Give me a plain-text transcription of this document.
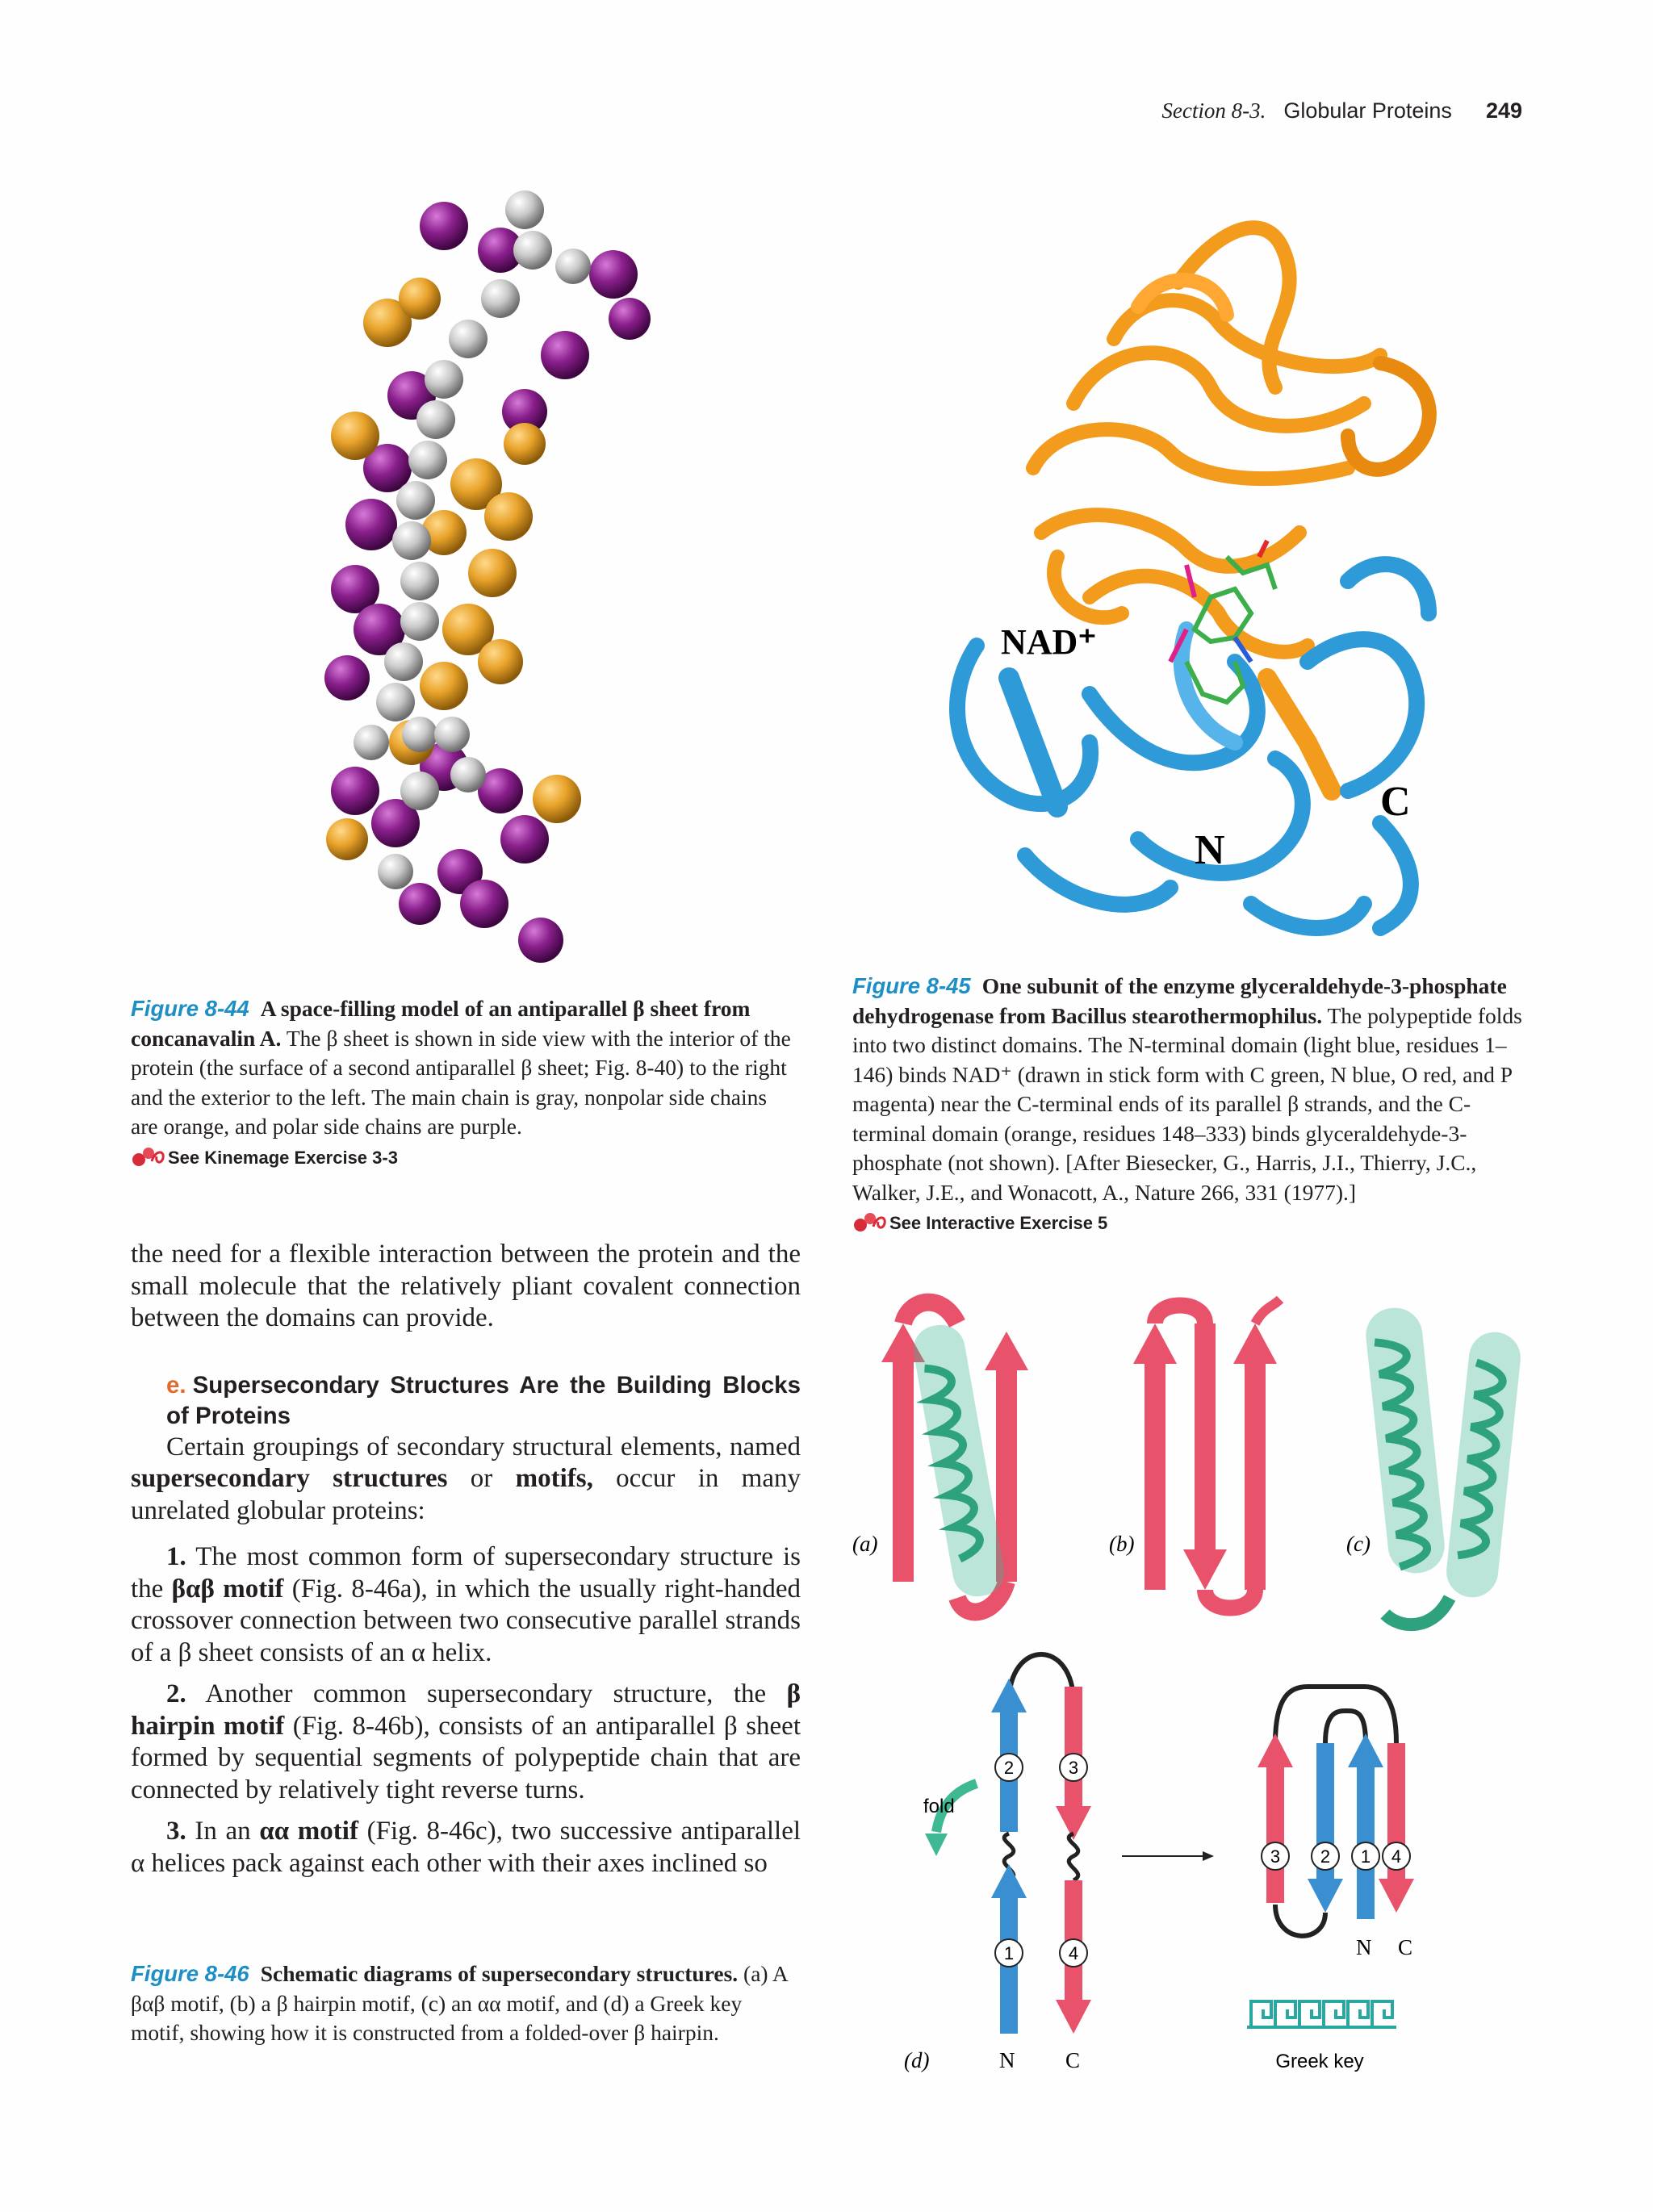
Section 8-3. Globular Proteins 249
NAD⁺
C
N
Figure 8-44 A space-filling model of an antiparallel β sheet from concanavalin A. The β sheet is shown in side view with the interior of the protein (the surface of a second antiparallel β sheet; Fig. 8-40) to the right and the exterior to the left. The main chain is gray, nonpolar side chains are orange, and polar side chains are purple. See Kinemage Exercise 3-3
Figure 8-45 One subunit of the enzyme glyceraldehyde-3-phosphate dehydrogenase from Bacillus stearothermophilus. The polypeptide folds into two distinct domains. The N-terminal domain (light blue, residues 1–146) binds NAD⁺ (drawn in stick form with C green, N blue, O red, and P magenta) near the C-terminal ends of its parallel β strands, and the C-terminal domain (orange, residues 148–333) binds glyceraldehyde-3-phosphate (not shown). [After Biesecker, G., Harris, J.I., Thierry, J.C., Walker, J.E., and Wonacott, A., Nature 266, 331 (1977).]
See Interactive Exercise 5

the need for a flexible interaction between the protein and the small molecule that the relatively pliant covalent connection between the domains can provide.

e. Supersecondary Structures Are the Building Blocks of Proteins

Certain groupings of secondary structural elements, named supersecondary structures or motifs, occur in many unrelated globular proteins:

1. The most common form of supersecondary structure is the βαβ motif (Fig. 8-46a), in which the usually right-handed crossover connection between two consecutive parallel strands of a β sheet consists of an α helix.

2. Another common supersecondary structure, the β hairpin motif (Fig. 8-46b), consists of an antiparallel β sheet formed by sequential segments of polypeptide chain that are connected by relatively tight reverse turns.

3. In an αα motif (Fig. 8-46c), two successive antiparallel α helices pack against each other with their axes inclined so

Figure 8-46 Schematic diagrams of supersecondary structures. (a) A βαβ motif, (b) a β hairpin motif, (c) an αα motif, and (d) a Greek key motif, showing how it is constructed from a folded-over β hairpin.
(a)	(b)	(c)
2	3
1	4
fold
(d)	N C
3 2 1 4
N C
Greek key
